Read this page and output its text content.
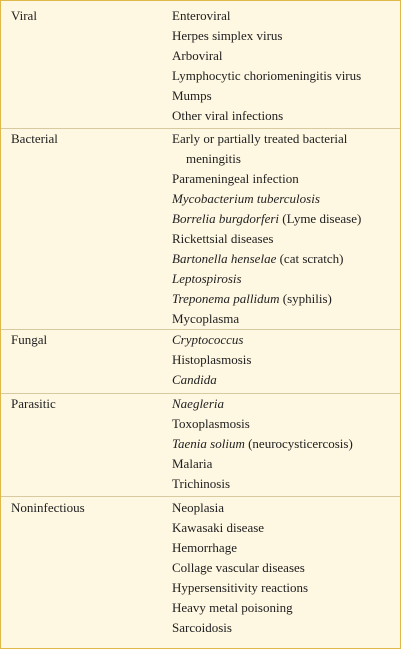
Viral	Enteroviral
Herpes simplex virus
Arboviral
Lymphocytic choriomeningitis virus
Mumps
Other viral infections
Bacterial	Early or partially treated bacterial meningitis
Parameningeal infection
Mycobacterium tuberculosis
Borrelia burgdorferi (Lyme disease)
Rickettsial diseases
Bartonella henselae (cat scratch)
Leptospirosis
Treponema pallidum (syphilis)
Mycoplasma
Fungal	Cryptococcus
Histoplasmosis
Candida
Parasitic	Naegleria
Toxoplasmosis
Taenia solium (neurocysticercosis)
Malaria
Trichinosis
Noninfectious	Neoplasia
Kawasaki disease
Hemorrhage
Collage vascular diseases
Hypersensitivity reactions
Heavy metal poisoning
Sarcoidosis
